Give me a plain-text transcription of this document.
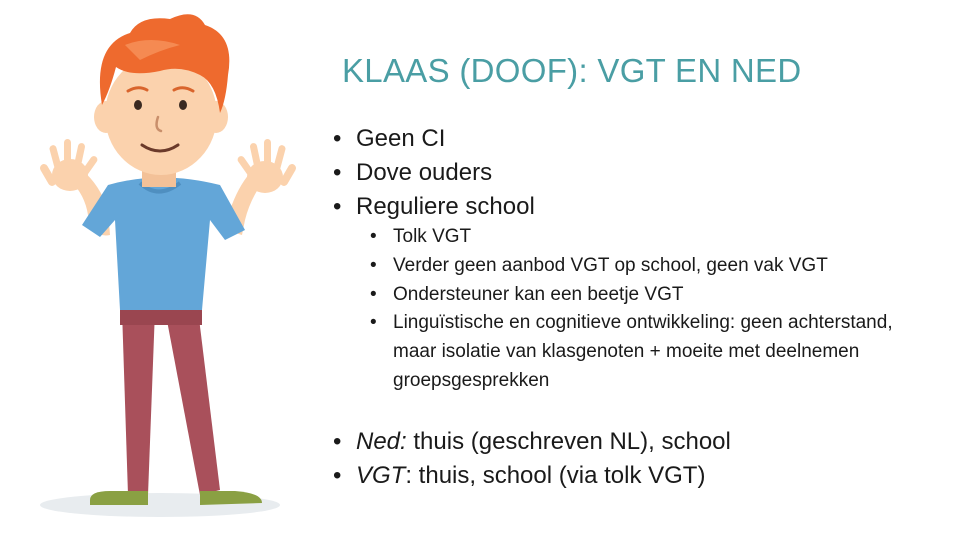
KLAAS (DOOF): VGT EN NED
• Geen CI
• Dove ouders
• Reguliere school
• Tolk VGT
• Verder geen aanbod VGT op school, geen vak VGT
• Ondersteuner kan een beetje VGT
• Linguïstische en cognitieve ontwikkeling: geen achterstand, maar isolatie van klasgenoten + moeite met deelnemen groepsgesprekken
• Ned: thuis (geschreven NL), school
• VGT: thuis, school (via tolk VGT)
